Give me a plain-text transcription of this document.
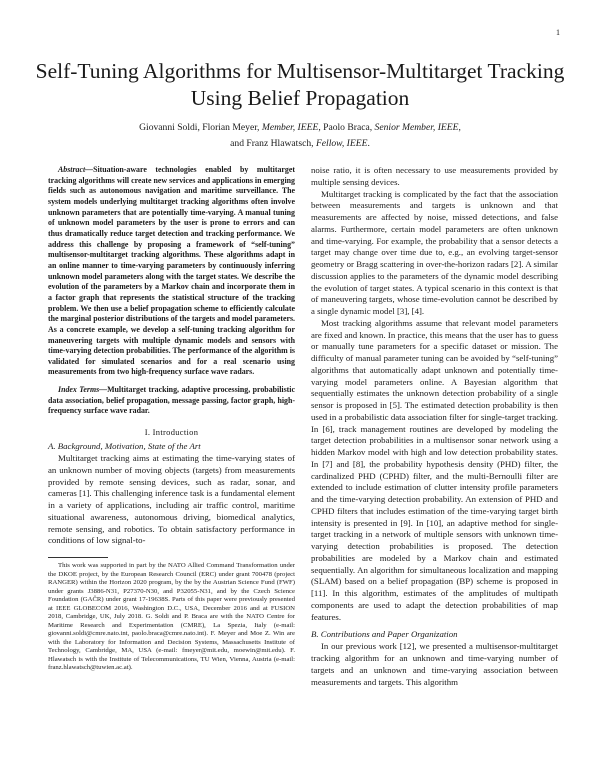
1
Self-Tuning Algorithms for Multisensor-Multitarget Tracking Using Belief Propagation
Giovanni Soldi, Florian Meyer, Member, IEEE, Paolo Braca, Senior Member, IEEE,
and Franz Hlawatsch, Fellow, IEEE.

Abstract—Situation-aware technologies enabled by multitarget tracking algorithms will create new services and applications in emerging fields such as autonomous navigation and maritime surveillance. The system models underlying multitarget tracking algorithms often involve unknown parameters that are potentially time-varying. A manual tuning of unknown model parameters by the user is prone to errors and can thus dramatically reduce target detection and tracking performance. We address this challenge by proposing a framework of “self-tuning” multisensor-multitarget tracking algorithms. These algorithms adapt in an online manner to time-varying parameters by continuously inferring unknown model parameters along with the target states. We describe the evolution of the parameters by a Markov chain and incorporate them in a factor graph that represents the statistical structure of the tracking problem. We then use a belief propagation scheme to efficiently calculate the marginal posterior distributions of the targets and model parameters. As a concrete example, we develop a self-tuning tracking algorithm for maneuvering targets with multiple dynamic models and sensors with time-varying detection probabilities. The performance of the algorithm is validated for simulated scenarios and for a real scenario using measurements from two high-frequency surface wave radars.

Index Terms—Multitarget tracking, adaptive processing, probabilistic data association, belief propagation, message passing, factor graph, high-frequency surface wave radar.

I. Introduction
A. Background, Motivation, State of the Art

Multitarget tracking aims at estimating the time-varying states of an unknown number of moving objects (targets) from measurements provided by remote sensing devices, such as radar, sonar, and cameras [1]. This challenging inference task is a fundamental element in a variety of applications, including air traffic control, maritime situational awareness, autonomous driving, biomedical analytics, remote sensing, and robotics. To obtain satisfactory performance in conditions of low signal-to-

This work was supported in part by the NATO Allied Command Transformation under the DKOE project, by the European Research Council (ERC) under grant 700478 (project RANGER) within the Horizon 2020 program, by the by the Austrian Science Fund (FWF) under grants J3886-N31, P27370-N30, and P32055-N31, and by the Czech Science Foundation (GAČR) under grant 17-19638S. Parts of this paper were previously presented at IEEE GLOBECOM 2016, Washington D.C., USA, December 2016 and at FUSION 2018, Cambridge, UK, July 2018. G. Soldi and P. Braca are with the NATO Centre for Maritime Research and Experimentation (CMRE), La Spezia, Italy (e-mail: giovanni.soldi@cmre.nato.int, paolo.braca@cmre.nato.int). F. Meyer and Moe Z. Win are with the Laboratory for Information and Decision Systems, Massachusetts Institute of Technology, Cambridge, MA, USA (e-mail: fmeyer@mit.edu, moewin@mit.edu). F. Hlawatsch is with the Institute of Telecommunications, TU Wien, Vienna, Austria (e-mail: franz.hlawatsch@tuwien.ac.at).

noise ratio, it is often necessary to use measurements provided by multiple sensing devices.

Multitarget tracking is complicated by the fact that the association between measurements and targets is unknown and that measurements are affected by noise, missed detections, and false alarms. Furthermore, certain model parameters are often unknown and time-varying. For example, the probability that a sensor detects a target may change over time due to, e.g., an evolving target-sensor geometry or Bragg scattering in over-the-horizon radars [2]. A similar discussion applies to the parameters of the dynamic model describing the evolution of target states. A typical scenario in this context is that of maneuvering targets, whose time-evolution cannot be described by a single dynamic model [3], [4].

Most tracking algorithms assume that relevant model parameters are fixed and known. In practice, this means that the user has to guess or manually tune parameters for a specific dataset or mission. The difficulty of manual parameter tuning can be avoided by “self-tuning” algorithms that automatically adapt unknown and potentially time-varying model parameters online. A Bayesian algorithm that sequentially estimates the unknown detection probability of a single sensor is proposed in [5]. The estimated detection probability is then used in a probabilistic data association filter for single-target tracking. In [6], track management routines are developed by modeling the target detection probabilities in a multisensor sonar network using a hidden Markov model with high and low detection probability states. In [7] and [8], the probability hypothesis density (PHD) filter, the cardinalized PHD (CPHD) filter, and the multi-Bernoulli filter are extended to include estimation of clutter intensity profile parameters and the time-varying detection probability. An extension of PHD and CPHD filters that includes estimation of the time-varying target birth intensity is presented in [9]. In [10], an adaptive method for single-target tracking in a network of multiple sensors with unknown time-varying detection probabilities is proposed. The detection probabilities are modeled by a Markov chain and estimated sequentially. An algorithm for simultaneous localization and mapping (SLAM) based on a belief propagation (BP) scheme is proposed in [11]. In this algorithm, estimates of the amplitudes of multipath components are used to adapt the detection probabilities of map features.

B. Contributions and Paper Organization

In our previous work [12], we presented a multisensor-multitarget tracking algorithm for an unknown and time-varying number of targets and an unknown and time-varying association between measurements and targets. This algorithm
